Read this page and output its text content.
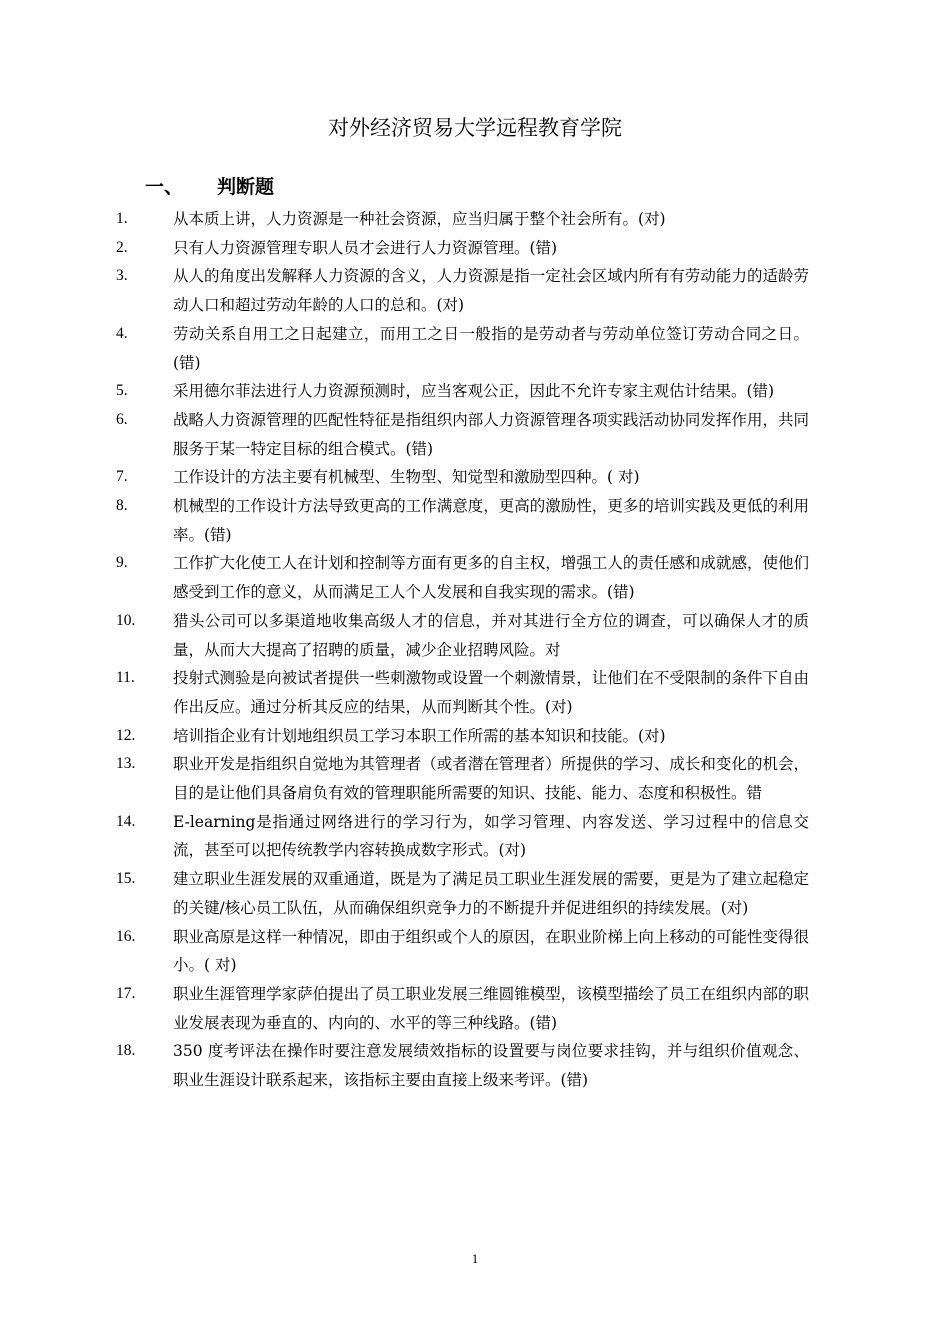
对外经济贸易大学远程教育学院
一、 判断题
1.	从本质上讲，人力资源是一种社会资源，应当归属于整个社会所有。(对)
2.	只有人力资源管理专职人员才会进行人力资源管理。(错)
3.	从人的角度出发解释人力资源的含义，人力资源是指一定社会区域内所有有劳动能力的适龄劳动人口和超过劳动年龄的人口的总和。(对)
4.	劳动关系自用工之日起建立，而用工之日一般指的是劳动者与劳动单位签订劳动合同之日。(错)
5.	采用德尔菲法进行人力资源预测时，应当客观公正，因此不允许专家主观估计结果。(错)
6.	战略人力资源管理的匹配性特征是指组织内部人力资源管理各项实践活动协同发挥作用，共同服务于某一特定目标的组合模式。(错)
7.	工作设计的方法主要有机械型、生物型、知觉型和激励型四种。( 对)
8.	机械型的工作设计方法导致更高的工作满意度，更高的激励性，更多的培训实践及更低的利用率。(错)
9.	工作扩大化使工人在计划和控制等方面有更多的自主权，增强工人的责任感和成就感，使他们感受到工作的意义，从而满足工人个人发展和自我实现的需求。(错)
10.	猎头公司可以多渠道地收集高级人才的信息，并对其进行全方位的调查，可以确保人才的质量，从而大大提高了招聘的质量，减少企业招聘风险。对
11.	投射式测验是向被试者提供一些刺激物或设置一个刺激情景，让他们在不受限制的条件下自由作出反应。通过分析其反应的结果，从而判断其个性。(对)
12.	培训指企业有计划地组织员工学习本职工作所需的基本知识和技能。(对)
13.	职业开发是指组织自觉地为其管理者（或者潜在管理者）所提供的学习、成长和变化的机会，目的是让他们具备肩负有效的管理职能所需要的知识、技能、能力、态度和积极性。错
14.	E-learning是指通过网络进行的学习行为，如学习管理、内容发送、学习过程中的信息交流，甚至可以把传统教学内容转换成数字形式。(对)
15.	建立职业生涯发展的双重通道，既是为了满足员工职业生涯发展的需要，更是为了建立起稳定的关键/核心员工队伍，从而确保组织竞争力的不断提升并促进组织的持续发展。(对)
16.	职业高原是这样一种情况，即由于组织或个人的原因，在职业阶梯上向上移动的可能性变得很小。( 对)
17.	职业生涯管理学家萨伯提出了员工职业发展三维圆锥模型，该模型描绘了员工在组织内部的职业发展表现为垂直的、内向的、水平的等三种线路。(错)
18.	350 度考评法在操作时要注意发展绩效指标的设置要与岗位要求挂钩，并与组织价值观念、职业生涯设计联系起来，该指标主要由直接上级来考评。(错)
1
